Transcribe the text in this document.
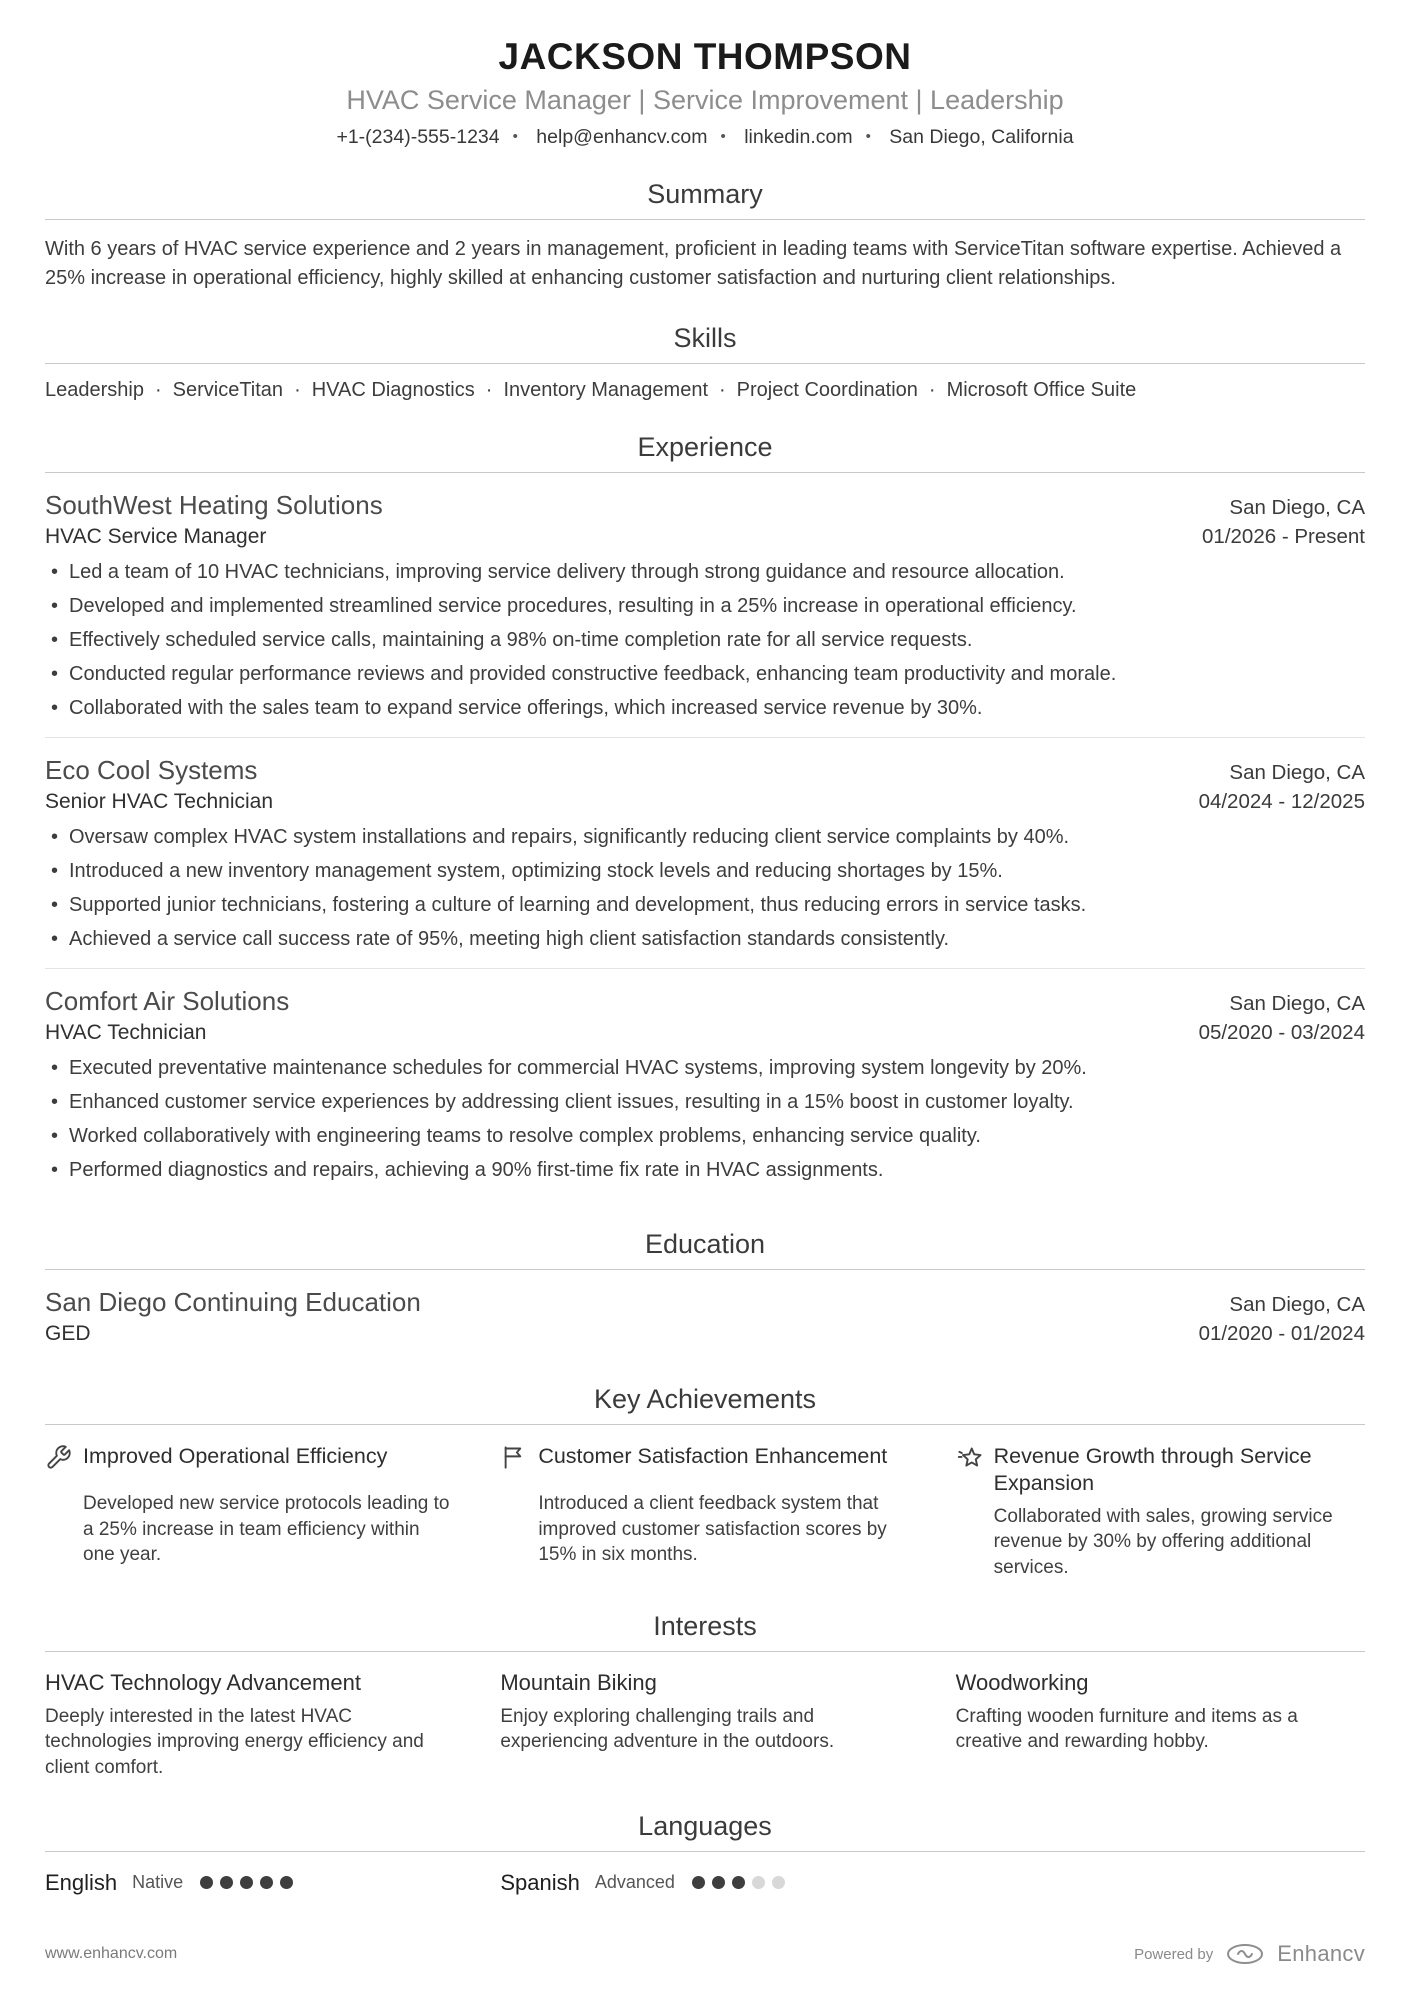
JACKSON THOMPSON
HVAC Service Manager | Service Improvement | Leadership
+1-(234)-555-1234 • help@enhancv.com • linkedin.com • San Diego, California
Summary

With 6 years of HVAC service experience and 2 years in management, proficient in leading teams with ServiceTitan software expertise. Achieved a 25% increase in operational efficiency, highly skilled at enhancing customer satisfaction and nurturing client relationships.

Skills
Leadership · ServiceTitan · HVAC Diagnostics · Inventory Management · Project Coordination · Microsoft Office Suite
Experience
SouthWest Heating Solutions	San Diego, CA
HVAC Service Manager	01/2026 - Present
• Led a team of 10 HVAC technicians, improving service delivery through strong guidance and resource allocation.
• Developed and implemented streamlined service procedures, resulting in a 25% increase in operational efficiency.
• Effectively scheduled service calls, maintaining a 98% on-time completion rate for all service requests.
• Conducted regular performance reviews and provided constructive feedback, enhancing team productivity and morale.
• Collaborated with the sales team to expand service offerings, which increased service revenue by 30%.
Eco Cool Systems	San Diego, CA
Senior HVAC Technician	04/2024 - 12/2025
• Oversaw complex HVAC system installations and repairs, significantly reducing client service complaints by 40%.
• Introduced a new inventory management system, optimizing stock levels and reducing shortages by 15%.
• Supported junior technicians, fostering a culture of learning and development, thus reducing errors in service tasks.
• Achieved a service call success rate of 95%, meeting high client satisfaction standards consistently.
Comfort Air Solutions	San Diego, CA
HVAC Technician	05/2020 - 03/2024
• Executed preventative maintenance schedules for commercial HVAC systems, improving system longevity by 20%.
• Enhanced customer service experiences by addressing client issues, resulting in a 15% boost in customer loyalty.
• Worked collaboratively with engineering teams to resolve complex problems, enhancing service quality.
• Performed diagnostics and repairs, achieving a 90% first-time fix rate in HVAC assignments.
Education
San Diego Continuing Education	San Diego, CA
GED	01/2020 - 01/2024
Key Achievements
Improved Operational Efficiency

Developed new service protocols leading to a 25% increase in team efficiency within one year.

Customer Satisfaction Enhancement

Introduced a client feedback system that improved customer satisfaction scores by 15% in six months.

Revenue Growth through Service Expansion

Collaborated with sales, growing service revenue by 30% by offering additional services.

Interests
HVAC Technology Advancement

Deeply interested in the latest HVAC technologies improving energy efficiency and client comfort.

Mountain Biking

Enjoy exploring challenging trails and experiencing adventure in the outdoors.

Woodworking

Crafting wooden furniture and items as a creative and rewarding hobby.

Languages
English Native	Spanish Advanced
www.enhancv.com	Powered by	Enhancv
